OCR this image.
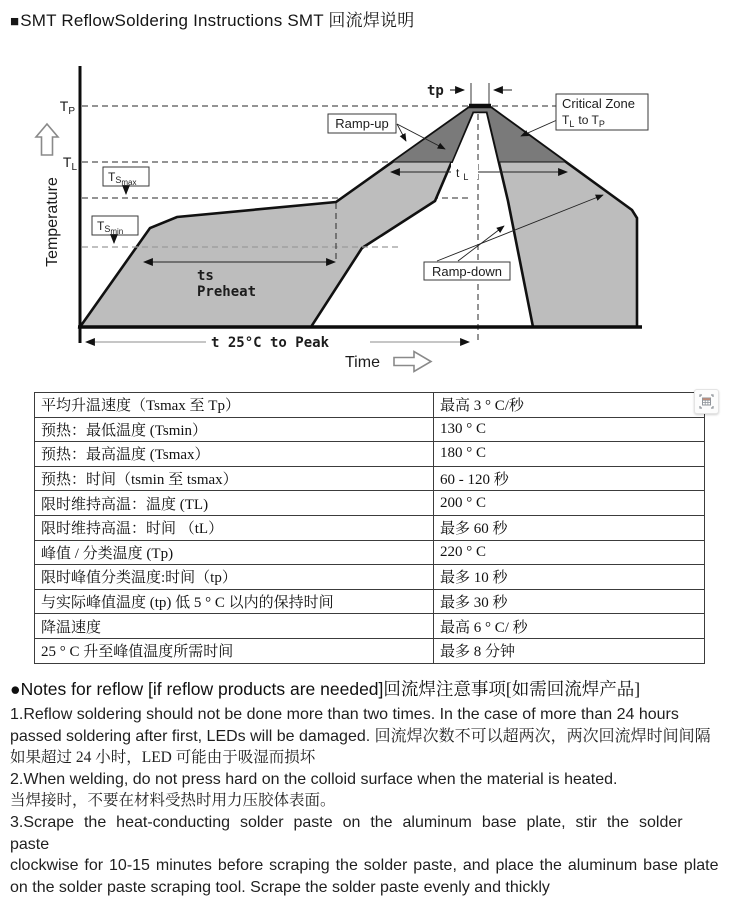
■SMT ReflowSoldering Instructions SMT 回流焊说明
$T_P$
$T_L$
Temperature
TSmax
TSmin
Ramp-up
Ramp-down
Critical Zone
TL to TP
tp
t L
ts
Preheat
t 25°C to Peak
Time
平均升温速度（Tsmax 至 Tp）	最高 3 ° C/秒
预热：最低温度 (Tsmin）	130 ° C
预热：最高温度 (Tsmax）	180 ° C
预热：时间（tsmin 至 tsmax）	60 - 120 秒
限时维持高温：温度 (TL)	200 ° C
限时维持高温：时间 （tL）	最多 60 秒
峰值 / 分类温度 (Tp)	220 ° C
限时峰值分类温度:时间（tp）	最多 10 秒
与实际峰值温度 (tp) 低 5 ° C 以内的保持时间	最多 30 秒
降温速度	最高 6 ° C/ 秒
25 ° C 升至峰值温度所需时间	最多 8 分钟
●Notes for reflow [if reflow products are needed]回流焊注意事项[如需回流焊产品]
1.Reflow soldering should not be done more than two times. In the case of more than 24 hours
passed soldering after first, LEDs will be damaged. 回流焊次数不可以超两次，两次回流焊时间间隔
如果超过 24 小时，LED 可能由于吸湿而损坏
2.When welding, do not press hard on the colloid surface when the material is heated.
当焊接时，不要在材料受热时用力压胶体表面。
3.Scrape the heat-conducting solder paste on the aluminum base plate, stir the solder paste
clockwise for 10-15 minutes before scraping the solder paste, and place the aluminum base plate
on the solder paste scraping tool. Scrape the solder paste evenly and thickly
